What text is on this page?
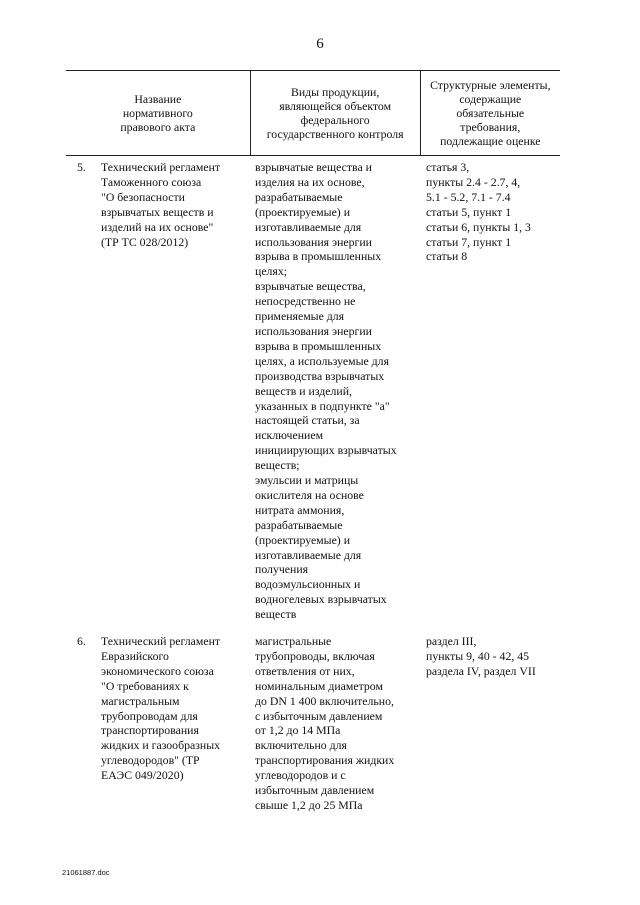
6
Название
нормативного
правового акта
Виды продукции,
являющейся объектом
федерального
государственного контроля
Структурные элементы,
содержащие
обязательные
требования,
подлежащие оценке
5. Технический регламент
Таможенного союза
"О безопасности
взрывчатых веществ и
изделий на их основе"
(ТР ТС 028/2012)
взрывчатые вещества и
изделия на их основе,
разрабатываемые
(проектируемые) и
изготавливаемые для
использования энергии
взрыва в промышленных
целях;
взрывчатые вещества,
непосредственно не
применяемые для
использования энергии
взрыва в промышленных
целях, а используемые для
производства взрывчатых
веществ и изделий,
указанных в подпункте "а"
настоящей статьи, за
исключением
инициирующих взрывчатых
веществ;
эмульсии и матрицы
окислителя на основе
нитрата аммония,
разрабатываемые
(проектируемые) и
изготавливаемые для
получения
водоэмульсионных и
водногелевых взрывчатых
веществ
статья 3,
пункты 2.4 - 2.7, 4,
5.1 - 5.2, 7.1 - 7.4
статьи 5, пункт 1
статьи 6, пункты 1, 3
статьи 7, пункт 1
статьи 8
6. Технический регламент
Евразийского
экономического союза
"О требованиях к
магистральным
трубопроводам для
транспортирования
жидких и газообразных
углеводородов" (ТР
ЕАЭС 049/2020)
магистральные
трубопроводы, включая
ответвления от них,
номинальным диаметром
до DN 1 400 включительно,
с избыточным давлением
от 1,2 до 14 МПа
включительно для
транспортирования жидких
углеводородов и с
избыточным давлением
свыше 1,2 до 25 МПа
раздел III,
пункты 9, 40 - 42, 45
раздела IV, раздел VII
21061887.doc
